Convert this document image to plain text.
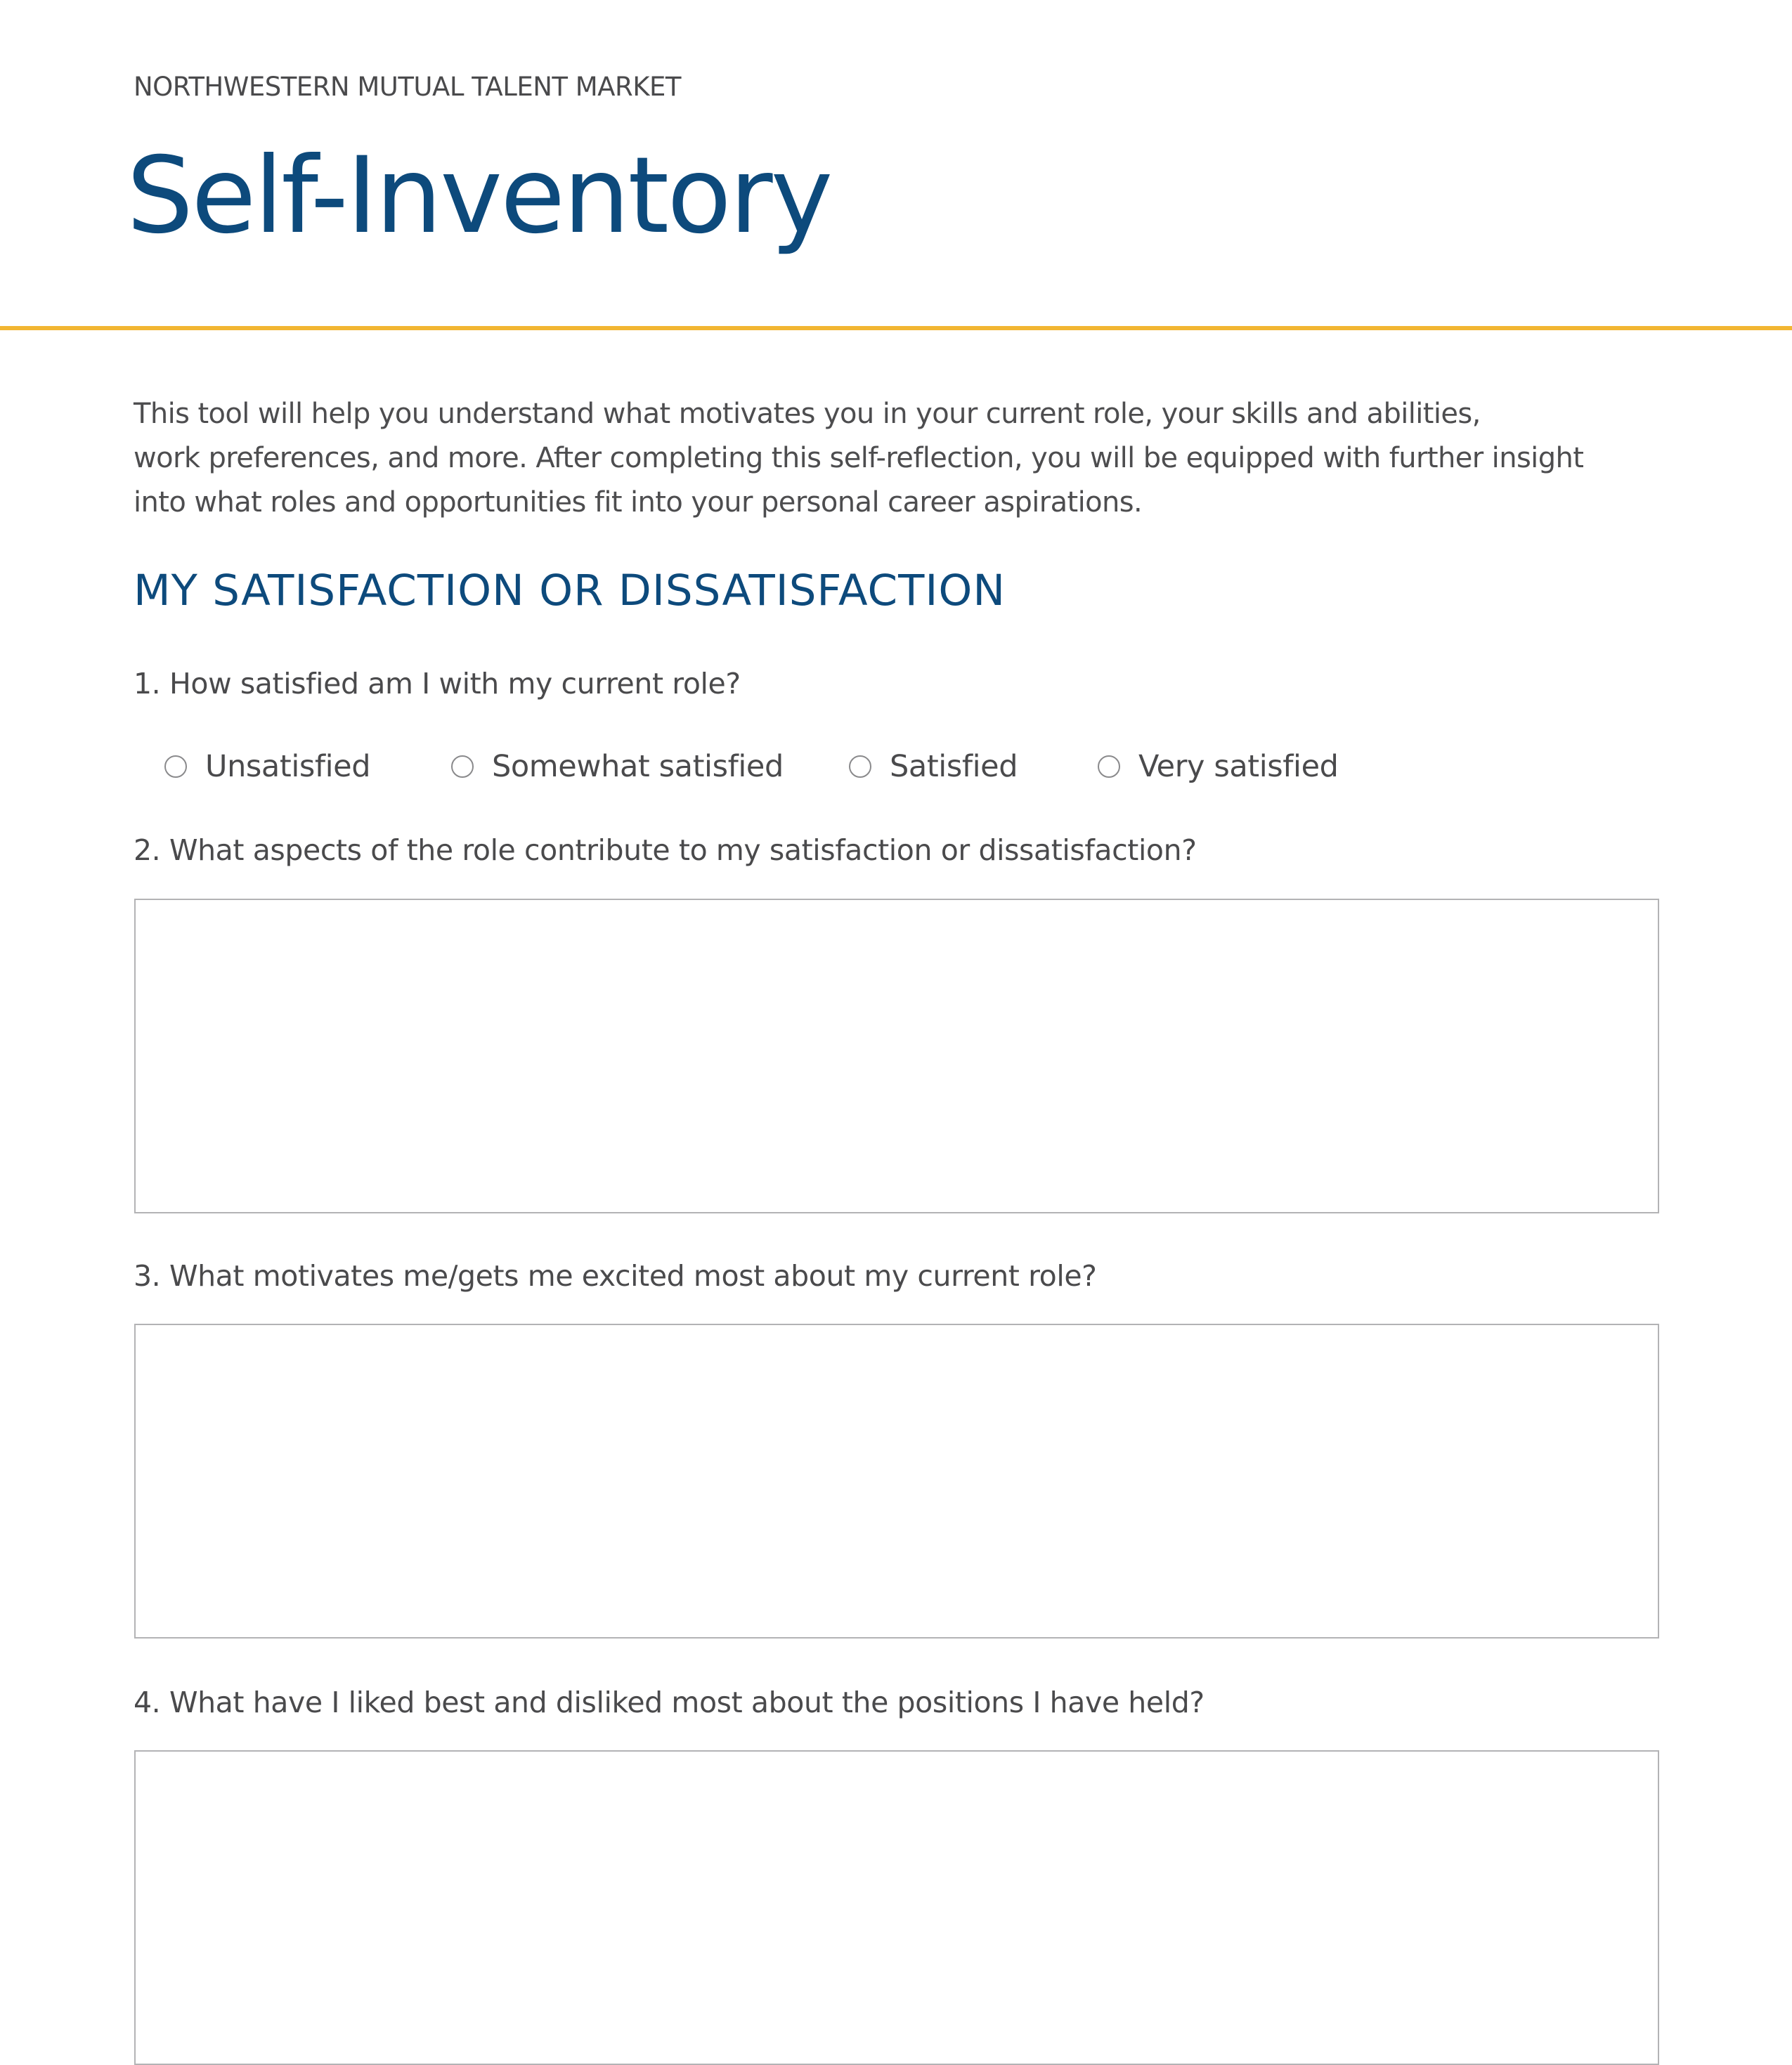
NORTHWESTERN MUTUAL TALENT MARKET
Self-Inventory
This tool will help you understand what motivates you in your current role, your skills and abilities,
work preferences, and more. After completing this self-reflection, you will be equipped with further insight
into what roles and opportunities fit into your personal career aspirations.
MY SATISFACTION OR DISSATISFACTION
1. How satisfied am I with my current role?
Unsatisfied	Somewhat satisfied	Satisfied	Very satisfied
2. What aspects of the role contribute to my satisfaction or dissatisfaction?
3. What motivates me/gets me excited most about my current role?
4. What have I liked best and disliked most about the positions I have held?
